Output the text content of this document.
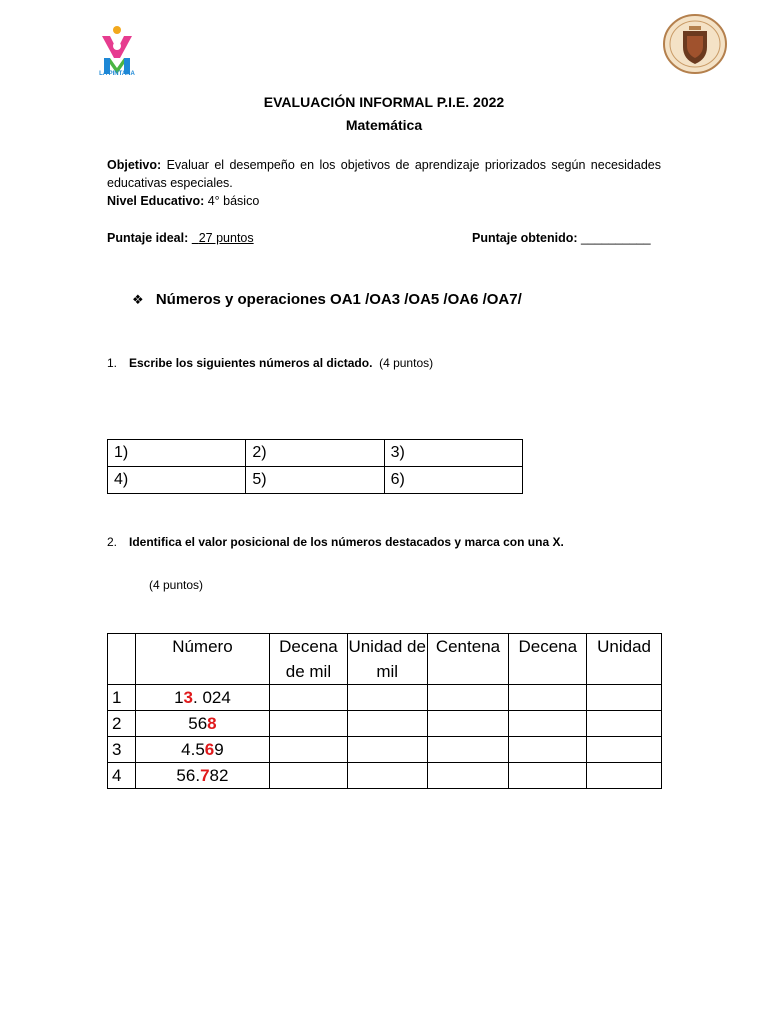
LA PINTANA
EVALUACIÓN INFORMAL P.I.E. 2022
Matemática
Objetivo: Evaluar el desempeño en los objetivos de aprendizaje priorizados según necesidades educativas especiales.
Nivel Educativo: 4° básico
Puntaje ideal: 27 puntos	Puntaje obtenido: __________
❖ Números y operaciones OA1 /OA3 /OA5 /OA6 /OA7/
1. Escribe los siguientes números al dictado. (4 puntos)
1)	2)	3)
4)	5)	6)
2. Identifica el valor posicional de los números destacados y marca con una X.
(4 puntos)
	Número	Decena de mil	Unidad de mil	Centena	Decena	Unidad
1	13. 024					
2	568					
3	4.569					
4	56.782					
